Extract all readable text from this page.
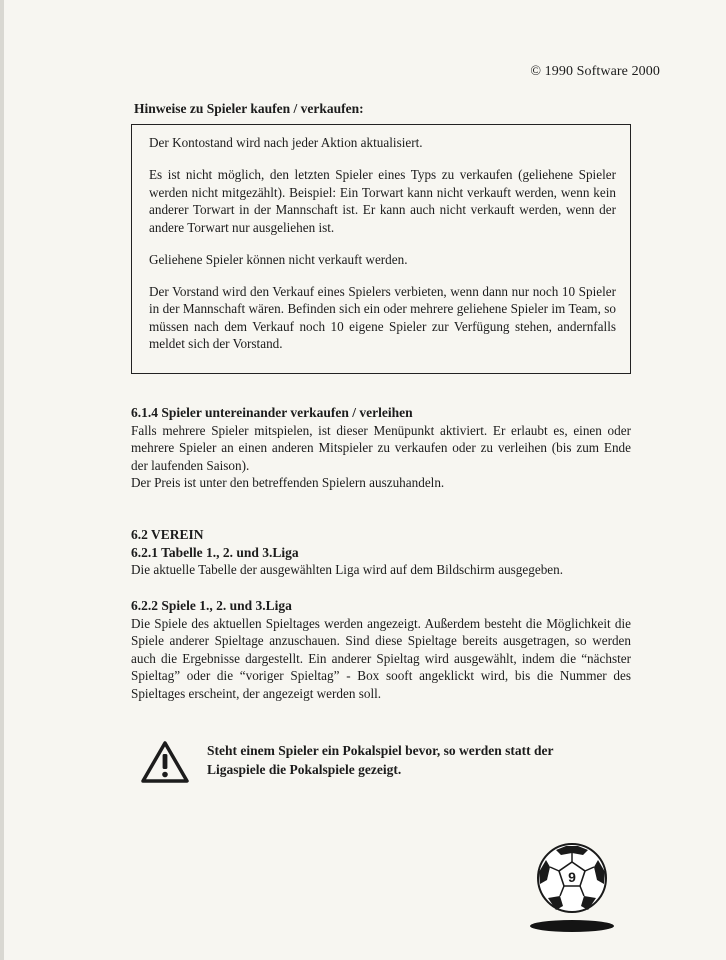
© 1990 Software 2000
Hinweise zu Spieler kaufen / verkaufen:

Der Kontostand wird nach jeder Aktion aktualisiert.

Es ist nicht möglich, den letzten Spieler eines Typs zu verkaufen (geliehene Spieler werden nicht mitgezählt). Beispiel: Ein Torwart kann nicht verkauft werden, wenn kein anderer Torwart in der Mannschaft ist. Er kann auch nicht verkauft werden, wenn der andere Torwart nur ausgeliehen ist.

Geliehene Spieler können nicht verkauft werden.

Der Vorstand wird den Verkauf eines Spielers verbieten, wenn dann nur noch 10 Spieler in der Mannschaft wären. Befinden sich ein oder mehrere geliehene Spieler im Team, so müssen nach dem Verkauf noch 10 eigene Spieler zur Verfügung stehen, andernfalls meldet sich der Vorstand.

6.1.4 Spieler untereinander verkaufen / verleihen

Falls mehrere Spieler mitspielen, ist dieser Menüpunkt aktiviert. Er erlaubt es, einen oder mehrere Spieler an einen anderen Mitspieler zu verkaufen oder zu verleihen (bis zum Ende der laufenden Saison).

Der Preis ist unter den betreffenden Spielern auszuhandeln.

6.2 VEREIN
6.2.1 Tabelle 1., 2. und 3.Liga

Die aktuelle Tabelle der ausgewählten Liga wird auf dem Bildschirm ausgegeben.

6.2.2 Spiele 1., 2. und 3.Liga

Die Spiele des aktuellen Spieltages werden angezeigt. Außerdem besteht die Möglichkeit die Spiele anderer Spieltage anzuschauen. Sind diese Spieltage bereits ausgetragen, so werden auch die Ergebnisse dargestellt. Ein anderer Spieltag wird ausgewählt, indem die “nächster Spieltag” oder die “voriger Spieltag” - Box sooft angeklickt wird, bis die Nummer des Spieltages erscheint, der angezeigt werden soll.

Steht einem Spieler ein Pokalspiel bevor, so werden statt der
Ligaspiele die Pokalspiele gezeigt.
9
